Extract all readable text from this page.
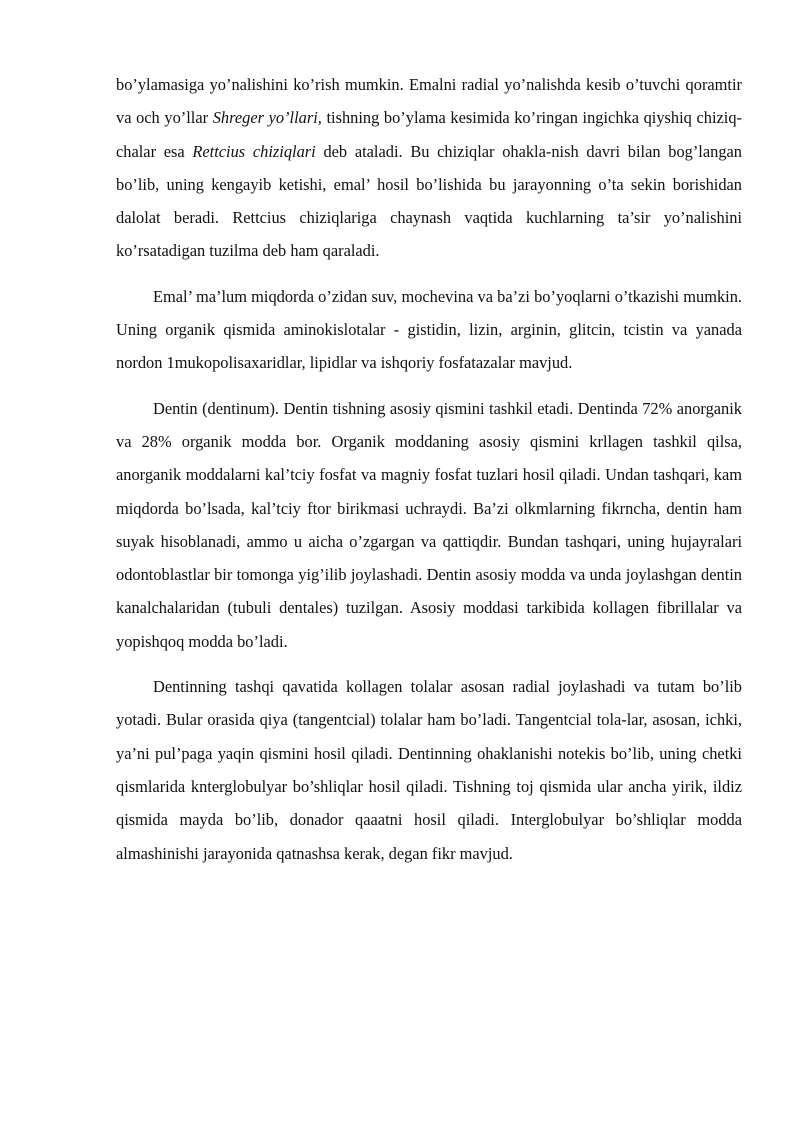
bo’ylamasiga yo’nalishini ko’rish mumkin. Emalni radial yo’nalishda kesib o’tuvchi qoramtir va och yo’llar Shreger yo’llari, tishning bo’ylama kesimida ko’ringan ingichka qiyshiq chiziq-chalar esa Rettcius chiziqlari deb ataladi. Bu chiziqlar ohakla-nish davri bilan bog’langan bo’lib, uning kengayib ketishi, emal’ hosil bo’lishida bu jarayonning o’ta sekin borishidan dalolat beradi. Rettcius chiziqlariga chaynash vaqtida kuchlarning ta’sir yo’nalishini ko’rsatadigan tuzilma deb ham qaraladi.

Emal’ ma’lum miqdorda o’zidan suv, mochevina va ba’zi bo’yoqlarni o’tkazishi mumkin. Uning organik qismida aminokislotalar - gistidin, lizin, arginin, glitcin, tcistin va yanada nordon 1mukopolisaxaridlar, lipidlar va ishqoriy fosfatazalar mavjud.

Dentin (dentinum). Dentin tishning asosiy qismini tashkil etadi. Dentinda 72% anorganik va 28% organik modda bor. Organik moddaning asosiy qismini krllagen tashkil qilsa, anorganik moddalarni kal’tciy fosfat va magniy fosfat tuzlari hosil qiladi. Undan tashqari, kam miqdorda bo’lsada, kal’tciy ftor birikmasi uchraydi. Ba’zi olkmlarning fikrncha, dentin ham suyak hisoblanadi, ammo u aicha o’zgargan va qattiqdir. Bundan tashqari, uning hujayralari odontoblastlar bir tomonga yig’ilib joylashadi. Dentin asosiy modda va unda joylashgan dentin kanalchalaridan (tubuli dentales) tuzilgan. Asosiy moddasi tarkibida kollagen fibrillalar va yopishqoq modda bo’ladi.

Dentinning tashqi qavatida kollagen tolalar asosan radial joylashadi va tutam bo’lib yotadi. Bular orasida qiya (tangentcial) tolalar ham bo’ladi. Tangentcial tola-lar, asosan, ichki, ya’ni pul’paga yaqin qismini hosil qiladi. Dentinning ohaklanishi notekis bo’lib, uning chetki qismlarida knterglobulyar bo’shliqlar hosil qiladi. Tishning toj qismida ular ancha yirik, ildiz qismida mayda bo’lib, donador qaaatni hosil qiladi. Interglobulyar bo’shliqlar modda almashinishi jarayonida qatnashsa kerak, degan fikr mavjud.
